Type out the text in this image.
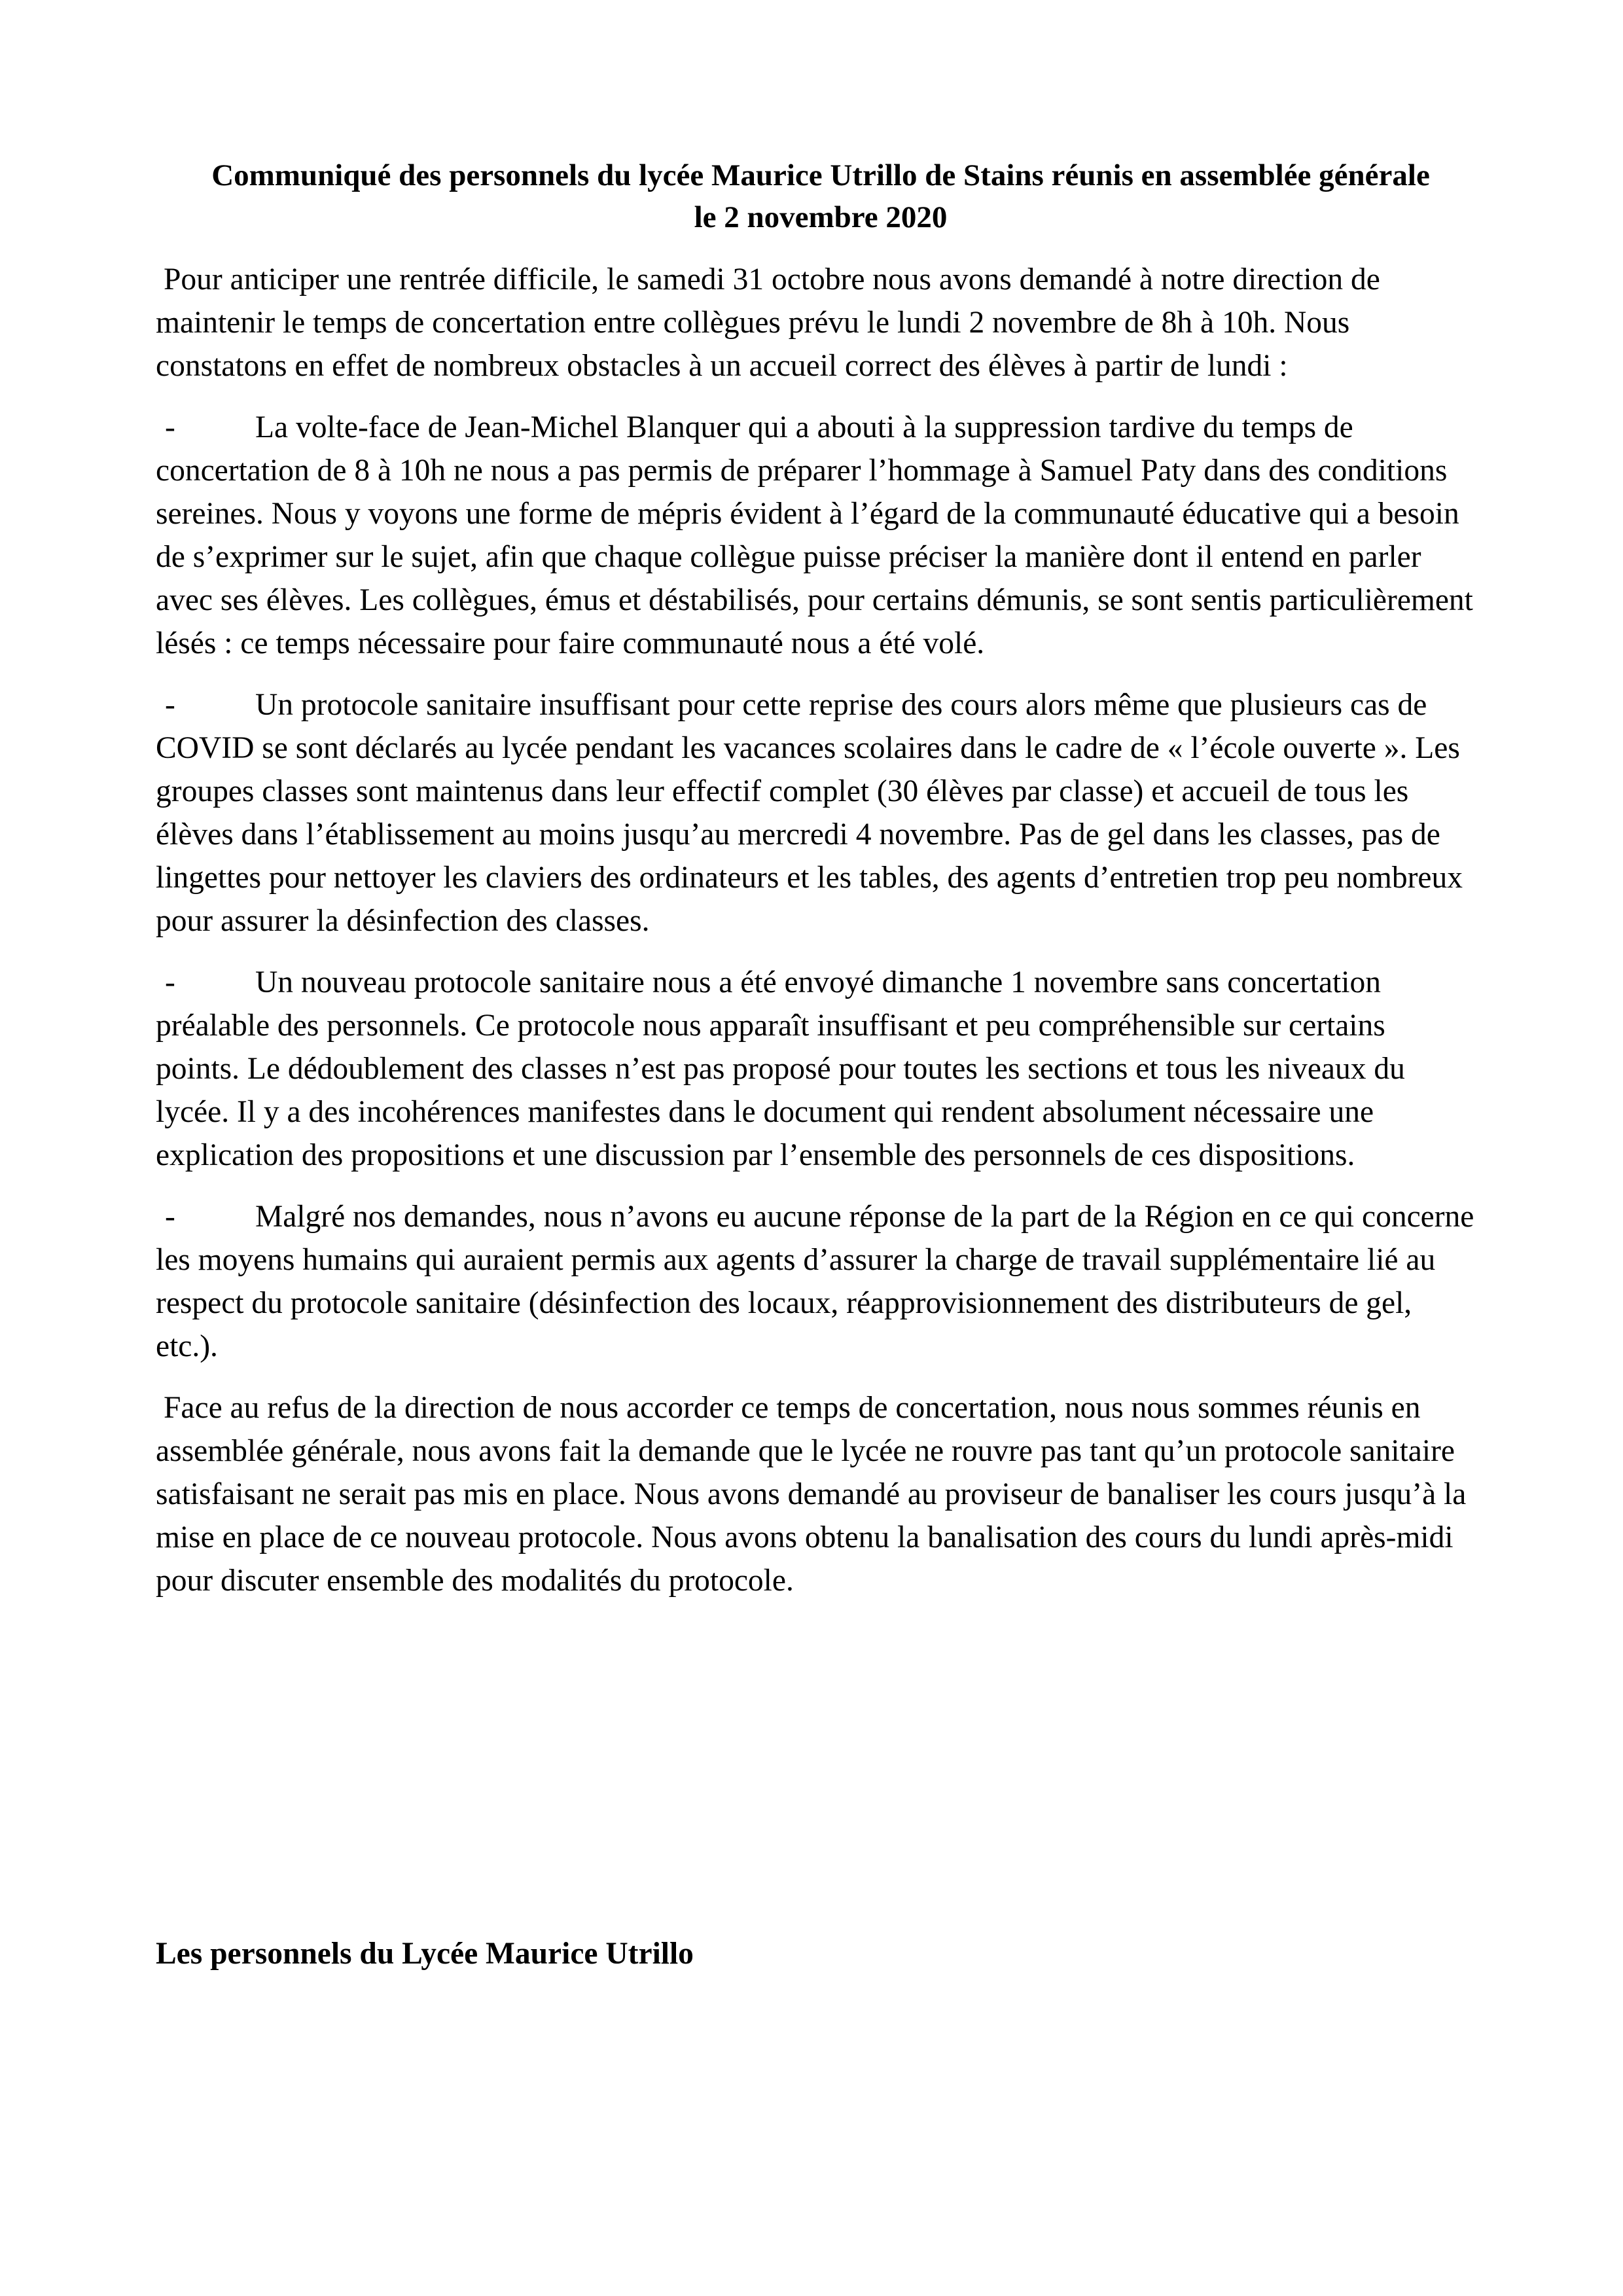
Communiqué des personnels du lycée Maurice Utrillo de Stains réunis en assemblée générale
le 2 novembre 2020

Pour anticiper une rentrée difficile, le samedi 31 octobre nous avons demandé à notre direction de maintenir le temps de concertation entre collègues prévu le lundi 2 novembre de 8h à 10h. Nous constatons en effet de nombreux obstacles à un accueil correct des élèves à partir de lundi :

-	La volte-face de Jean-Michel Blanquer qui a abouti à la suppression tardive du temps de concertation de 8 à 10h ne nous a pas permis de préparer l’hommage à Samuel Paty dans des conditions sereines. Nous y voyons une forme de mépris évident à l’égard de la communauté éducative qui a besoin de s’exprimer sur le sujet, afin que chaque collègue puisse préciser la manière dont il entend en parler avec ses élèves. Les collègues, émus et déstabilisés, pour certains démunis, se sont sentis particulièrement lésés : ce temps nécessaire pour faire communauté nous a été volé.

-	Un protocole sanitaire insuffisant pour cette reprise des cours alors même que plusieurs cas de COVID se sont déclarés au lycée pendant les vacances scolaires dans le cadre de « l’école ouverte ». Les groupes classes sont maintenus dans leur effectif complet (30 élèves par classe) et accueil de tous les élèves dans l’établissement au moins jusqu’au mercredi 4 novembre. Pas de gel dans les classes, pas de lingettes pour nettoyer les claviers des ordinateurs et les tables, des agents d’entretien trop peu nombreux pour assurer la désinfection des classes.

-	Un nouveau protocole sanitaire nous a été envoyé dimanche 1 novembre sans concertation préalable des personnels. Ce protocole nous apparaît insuffisant et peu compréhensible sur certains points. Le dédoublement des classes n’est pas proposé pour toutes les sections et tous les niveaux du lycée. Il y a des incohérences manifestes dans le document qui rendent absolument nécessaire une explication des propositions et une discussion par l’ensemble des personnels de ces dispositions.

-	Malgré nos demandes, nous n’avons eu aucune réponse de la part de la Région en ce qui concerne les moyens humains qui auraient permis aux agents d’assurer la charge de travail supplémentaire lié au respect du protocole sanitaire (désinfection des locaux, réapprovisionnement des distributeurs de gel, etc.).

Face au refus de la direction de nous accorder ce temps de concertation, nous nous sommes réunis en assemblée générale, nous avons fait la demande que le lycée ne rouvre pas tant qu’un protocole sanitaire satisfaisant ne serait pas mis en place. Nous avons demandé au proviseur de banaliser les cours jusqu’à la mise en place de ce nouveau protocole. Nous avons obtenu la banalisation des cours du lundi après-midi pour discuter ensemble des modalités du protocole.

Les personnels du Lycée Maurice Utrillo
